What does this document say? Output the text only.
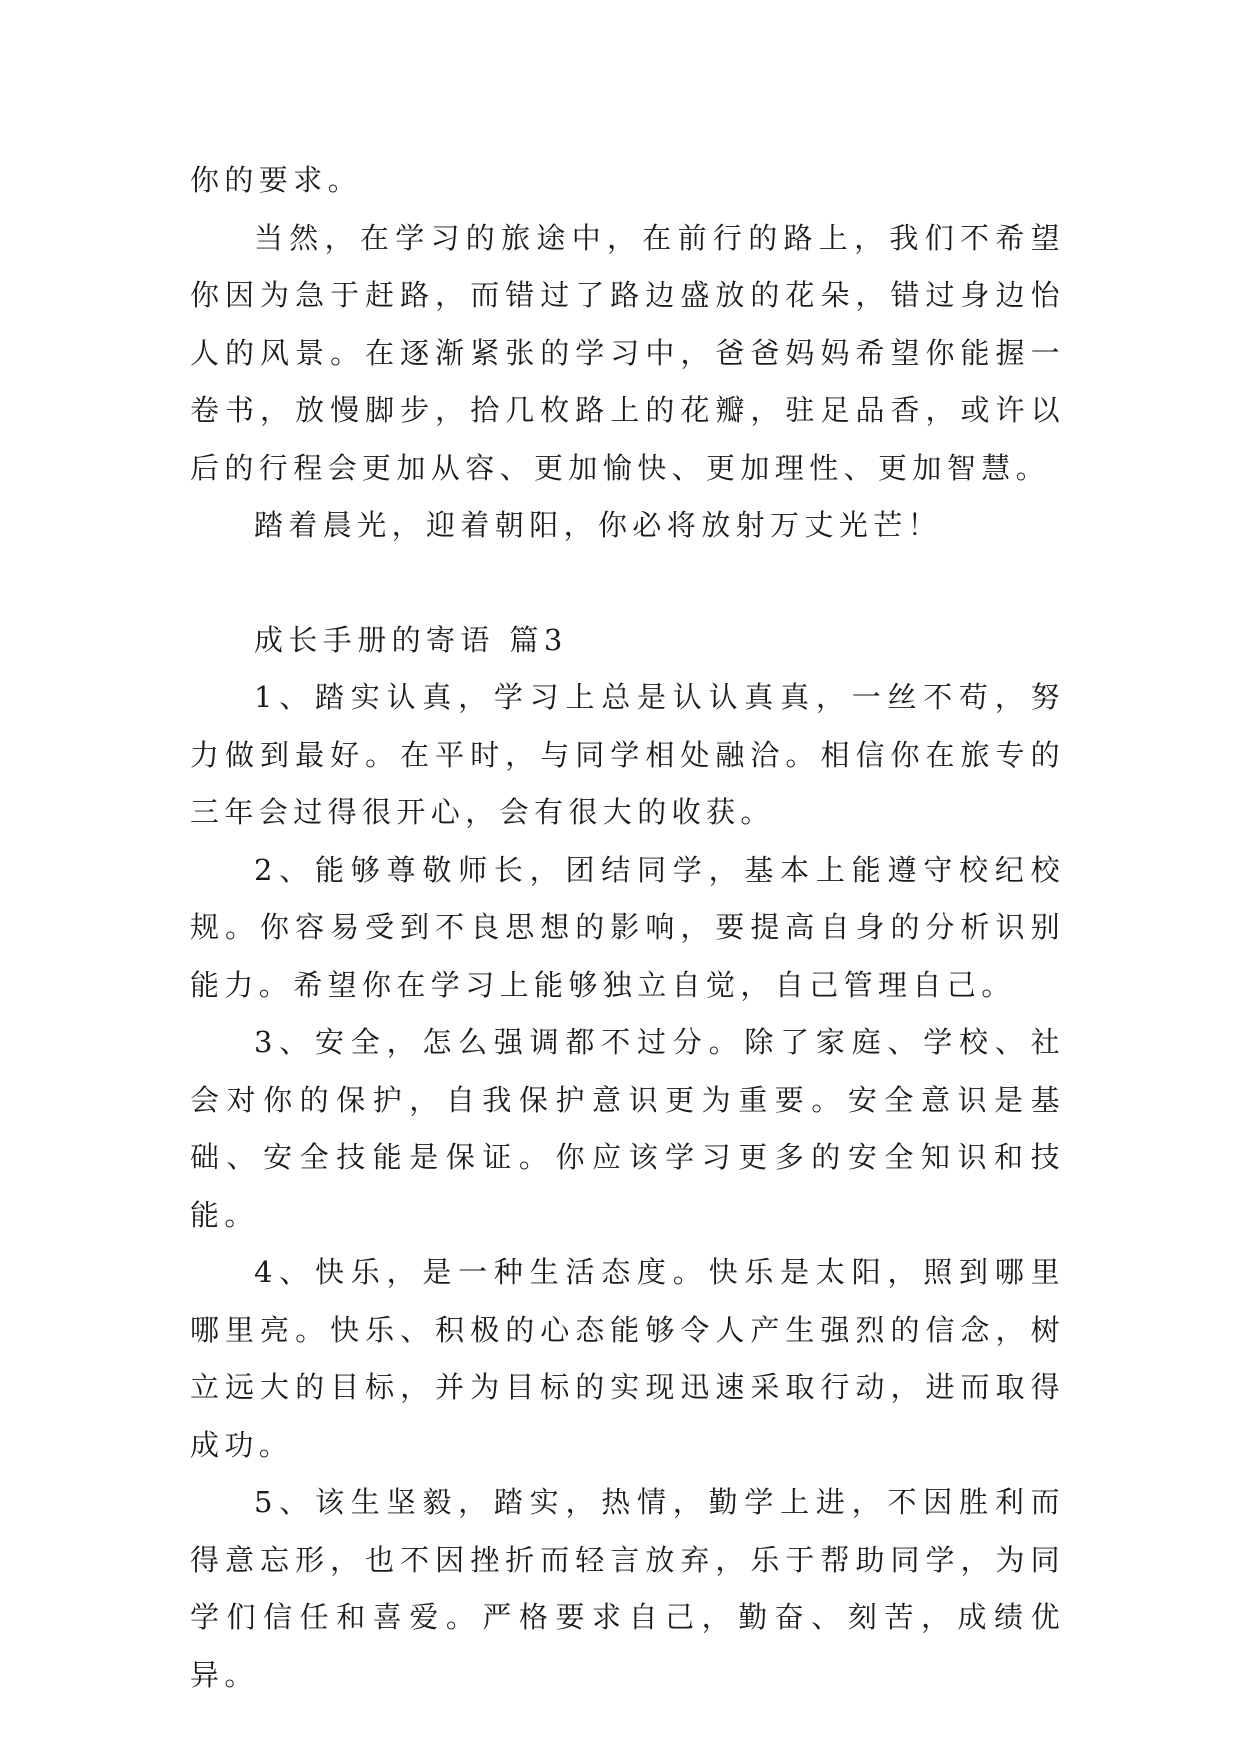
你的要求。

当然，在学习的旅途中，在前行的路上，我们不希望你因为急于赶路，而错过了路边盛放的花朵，错过身边怡人的风景。在逐渐紧张的学习中，爸爸妈妈希望你能握一卷书，放慢脚步，拾几枚路上的花瓣，驻足品香，或许以后的行程会更加从容、更加愉快、更加理性、更加智慧。

踏着晨光，迎着朝阳，你必将放射万丈光芒！

成长手册的寄语 篇3

1、踏实认真，学习上总是认认真真，一丝不苟，努力做到最好。在平时，与同学相处融洽。相信你在旅专的三年会过得很开心，会有很大的收获。

2、能够尊敬师长，团结同学，基本上能遵守校纪校规。你容易受到不良思想的影响，要提高自身的分析识别能力。希望你在学习上能够独立自觉，自己管理自己。

3、安全，怎么强调都不过分。除了家庭、学校、社会对你的保护，自我保护意识更为重要。安全意识是基础、安全技能是保证。你应该学习更多的安全知识和技能。

4、快乐，是一种生活态度。快乐是太阳，照到哪里哪里亮。快乐、积极的心态能够令人产生强烈的信念，树立远大的目标，并为目标的实现迅速采取行动，进而取得成功。

5、该生坚毅，踏实，热情，勤学上进，不因胜利而得意忘形，也不因挫折而轻言放弃，乐于帮助同学，为同学们信任和喜爱。严格要求自己，勤奋、刻苦，成绩优异。
